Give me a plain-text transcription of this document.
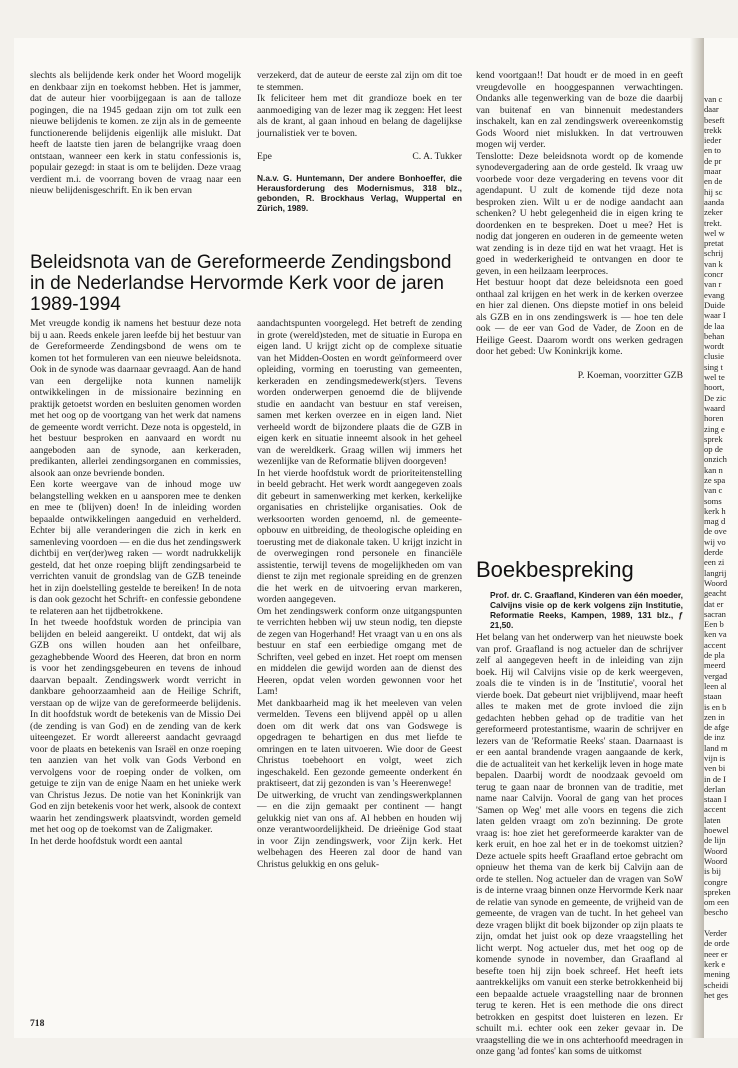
slechts als belijdende kerk onder het Woord mogelijk en denkbaar zijn en toekomst hebben. Het is jammer, dat de auteur hier voorbijgegaan is aan de talloze pogingen, die na 1945 gedaan zijn om tot zulk een nieuwe belijdenis te komen. ze zijn als in de gemeente functionerende belijdenis eigenlijk alle mislukt. Dat heeft de laatste tien jaren de belangrijke vraag doen ontstaan, wanneer een kerk in statu confessionis is, populair gezegd: in staat is om te belijden. Deze vraag verdient m.i. de voorrang boven de vraag naar een nieuw belijdenisgeschrift. En ik ben ervan

verzekerd, dat de auteur de eerste zal zijn om dit toe te stemmen.

Ik feliciteer hem met dit grandioze boek en ter aanmoediging van de lezer mag ik zeggen: Het leest als de krant, al gaan inhoud en belang de dagelijkse journalistiek ver te boven.

Epe	C. A. Tukker

N.a.v. G. Huntemann, Der andere Bonhoeffer, die Herausforderung des Modernismus, 318 blz., gebonden, R. Brockhaus Verlag, Wuppertal en Zürich, 1989.

Beleidsnota van de Gereformeerde Zendingsbond in de Nederlandse Hervormde Kerk voor de jaren 1989-1994

Met vreugde kondig ik namens het bestuur deze nota bij u aan. Reeds enkele jaren leefde bij het bestuur van de Gereformeerde Zendingsbond de wens om te komen tot het formuleren van een nieuwe beleidsnota. Ook in de synode was daarnaar gevraagd. Aan de hand van een dergelijke nota kunnen namelijk ontwikkelingen in de missionaire bezinning en praktijk getoetst worden en besluiten genomen worden met het oog op de voortgang van het werk dat namens de gemeente wordt verricht. Deze nota is opgesteld, in het bestuur besproken en aanvaard en wordt nu aangeboden aan de synode, aan kerkeraden, predikanten, allerlei zendingsorganen en commissies, alsook aan onze bevriende bonden.

Een korte weergave van de inhoud moge uw belangstelling wekken en u aansporen mee te denken en mee te (blijven) doen! In de inleiding worden bepaalde ontwikkelingen aangeduid en verhelderd. Echter bij alle veranderingen die zich in kerk en samenleving voordoen — en die dus het zendingswerk dichtbij en ver(der)weg raken — wordt nadrukkelijk gesteld, dat het onze roeping blijft zendingsarbeid te verrichten vanuit de grondslag van de GZB teneinde het in zijn doelstelling gestelde te bereiken! In de nota is dan ook gezocht het Schrift- en confessie gebondene te relateren aan het tijdbetrokkene.

In het tweede hoofdstuk worden de principia van belijden en beleid aangereikt. U ontdekt, dat wij als GZB ons willen houden aan het onfeilbare, gezaghebbende Woord des Heeren, dat bron en norm is voor het zendingsgebeuren en tevens de inhoud daarvan bepaalt. Zendingswerk wordt verricht in dankbare gehoorzaamheid aan de Heilige Schrift, verstaan op de wijze van de gereformeerde belijdenis. In dit hoofdstuk wordt de betekenis van de Missio Dei (de zending is van God) en de zending van de kerk uiteengezet. Er wordt allereerst aandacht gevraagd voor de plaats en betekenis van Israël en onze roeping ten aanzien van het volk van Gods Verbond en vervolgens voor de roeping onder de volken, om getuige te zijn van de enige Naam en het unieke werk van Christus Jezus. De notie van het Koninkrijk van God en zijn betekenis voor het werk, alsook de context waarin het zendingswerk plaatsvindt, worden gemeld met het oog op de toekomst van de Zaligmaker.

In het derde hoofdstuk wordt een aantal

aandachtspunten voorgelegd. Het betreft de zending in grote (wereld)steden, met de situatie in Europa en eigen land. U krijgt zicht op de complexe situatie van het Midden-Oosten en wordt geïnformeerd over opleiding, vorming en toerusting van gemeenten, kerkeraden en zendingsmedewerk(st)ers. Tevens worden onderwerpen genoemd die de blijvende studie en aandacht van bestuur en staf vereisen, samen met kerken overzee en in eigen land. Niet verheeld wordt de bijzondere plaats die de GZB in eigen kerk en situatie inneemt alsook in het geheel van de wereldkerk. Graag willen wij immers het wezenlijke van de Reformatie blijven doorgeven!

In het vierde hoofdstuk wordt de prioriteitenstelling in beeld gebracht. Het werk wordt aangegeven zoals dit gebeurt in samenwerking met kerken, kerkelijke organisaties en christelijke organisaties. Ook de werksoorten worden genoemd, nl. de gemeente-opbouw en uitbreiding, de theologische opleiding en toerusting met de diakonale taken. U krijgt inzicht in de overwegingen rond personele en financiële assistentie, terwijl tevens de mogelijkheden om van dienst te zijn met regionale spreiding en de grenzen die het werk en de uitvoering ervan markeren, worden aangegeven.

Om het zendingswerk conform onze uitgangspunten te verrichten hebben wij uw steun nodig, ten diepste de zegen van Hogerhand! Het vraagt van u en ons als bestuur en staf een eerbiedige omgang met de Schriften, veel gebed en inzet. Het roept om mensen en middelen die gewijd worden aan de dienst des Heeren, opdat velen worden gewonnen voor het Lam!

Met dankbaarheid mag ik het meeleven van velen vermelden. Tevens een blijvend appèl op u allen doen om dit werk dat ons van Godswege is opgedragen te behartigen en dus met liefde te omringen en te laten uitvoeren. Wie door de Geest Christus toebehoort en volgt, weet zich ingeschakeld. Een gezonde gemeente onderkent én praktiseert, dat zij gezonden is van 's Heerenwege!

De uitwerking, de vrucht van zendingswerkplannen — en die zijn gemaakt per continent — hangt gelukkig niet van ons af. Al hebben en houden wij onze verantwoordelijkheid. De drieënige God staat in voor Zijn zendingswerk, voor Zijn kerk. Het welbehagen des Heeren zal door de hand van Christus gelukkig en ons geluk-

kend voortgaan!! Dat houdt er de moed in en geeft vreugdevolle en hooggespannen verwachtingen. Ondanks alle tegenwerking van de boze die daarbij van buitenaf en van binnenuit medestanders inschakelt, kan en zal zendingswerk overeenkomstig Gods Woord niet mislukken. In dat vertrouwen mogen wij verder.

Tenslotte: Deze beleidsnota wordt op de komende synodevergadering aan de orde gesteld. Ik vraag uw voorbede voor deze vergadering en tevens voor dit agendapunt. U zult de komende tijd deze nota besproken zien. Wilt u er de nodige aandacht aan schenken? U hebt gelegenheid die in eigen kring te doordenken en te bespreken. Doet u mee? Het is nodig dat jongeren en ouderen in de gemeente weten wat zending is in deze tijd en wat het vraagt. Het is goed in wederkerigheid te ontvangen en door te geven, in een heilzaam leerproces.

Het bestuur hoopt dat deze beleidsnota een goed onthaal zal krijgen en het werk in de kerken overzee en hier zal dienen. Ons diepste motief in ons beleid als GZB en in ons zendingswerk is — hoe ten dele ook — de eer van God de Vader, de Zoon en de Heilige Geest. Daarom wordt ons werken gedragen door het gebed: Uw Koninkrijk kome.

P. Koeman, voorzitter GZB

Boekbespreking

Prof. dr. C. Graafland, Kinderen van één moeder, Calvijns visie op de kerk volgens zijn Institutie, Reformatie Reeks, Kampen, 1989, 131 blz., ƒ 21,50.

Het belang van het onderwerp van het nieuwste boek van prof. Graafland is nog actueler dan de schrijver zelf al aangegeven heeft in de inleiding van zijn boek. Hij wil Calvijns visie op de kerk weergeven, zoals die te vinden is in de 'Institutie', vooral het vierde boek. Dat gebeurt niet vrijblijvend, maar heeft alles te maken met de grote invloed die zijn gedachten hebben gehad op de traditie van het gereformeerd protestantisme, waarin de schrijver en lezers van de 'Reformatie Reeks' staan. Daarnaast is er een aantal brandende vragen aangaande de kerk, die de actualiteit van het kerkelijk leven in hoge mate bepalen. Daarbij wordt de noodzaak gevoeld om terug te gaan naar de bronnen van de traditie, met name naar Calvijn. Vooral de gang van het proces 'Samen op Weg' met alle voors en tegens die zich laten gelden vraagt om zo'n bezinning. De grote vraag is: hoe ziet het gereformeerde karakter van de kerk eruit, en hoe zal het er in de toekomst uitzien? Deze actuele spits heeft Graafland ertoe gebracht om opnieuw het thema van de kerk bij Calvijn aan de orde te stellen. Nog actueler dan de vragen van SoW is de interne vraag binnen onze Hervormde Kerk naar de relatie van synode en gemeente, de vrijheid van de gemeente, de vragen van de tucht. In het geheel van deze vragen blijkt dit boek bijzonder op zijn plaats te zijn, omdat het juist ook op deze vraagstelling het licht werpt. Nog actueler dus, met het oog op de komende synode in november, dan Graafland al besefte toen hij zijn boek schreef. Het heeft iets aantrekkelijks om vanuit een sterke betrokkenheid bij een bepaalde actuele vraagstelling naar de bronnen terug te keren. Het is een methode die ons direct betrokken en gespitst doet luisteren en lezen. Er schuilt m.i. echter ook een zeker gevaar in. De vraagstelling die we in ons achterhoofd meedragen in onze gang 'ad fontes' kan soms de uitkomst

van c
daar
beseft
trekk
ieder
en to
de pr
maar
en de
hij sc
aanda
zeker
trekt.
wel w
pretat
schrij
van k
concr
van r
evang
Duide
waar I
de laa
behan
wordt
clusie
sing t
wel te
hoort,
De zic
waard
horen
zing e
sprek
op de
onzich
kan n
ze spa
van c
soms
kerk h
mag d
de ove
wij vo
derde
een zi
langrij
Woord
geacht
dat er
sacran
Een b
ken va
accent
de pla
meerd
vergad
leen al
staan
is en b
zen in
de afge
de inz
land m
vijn is
ven bi
in de I
derlan
staan I
accent
laten
hoewel
de lijn
Woord
Woord
is bij
congre
spreken
om een
bescho

Verder
de orde
neer er
kerk e
mening
scheidi
het ges
718
